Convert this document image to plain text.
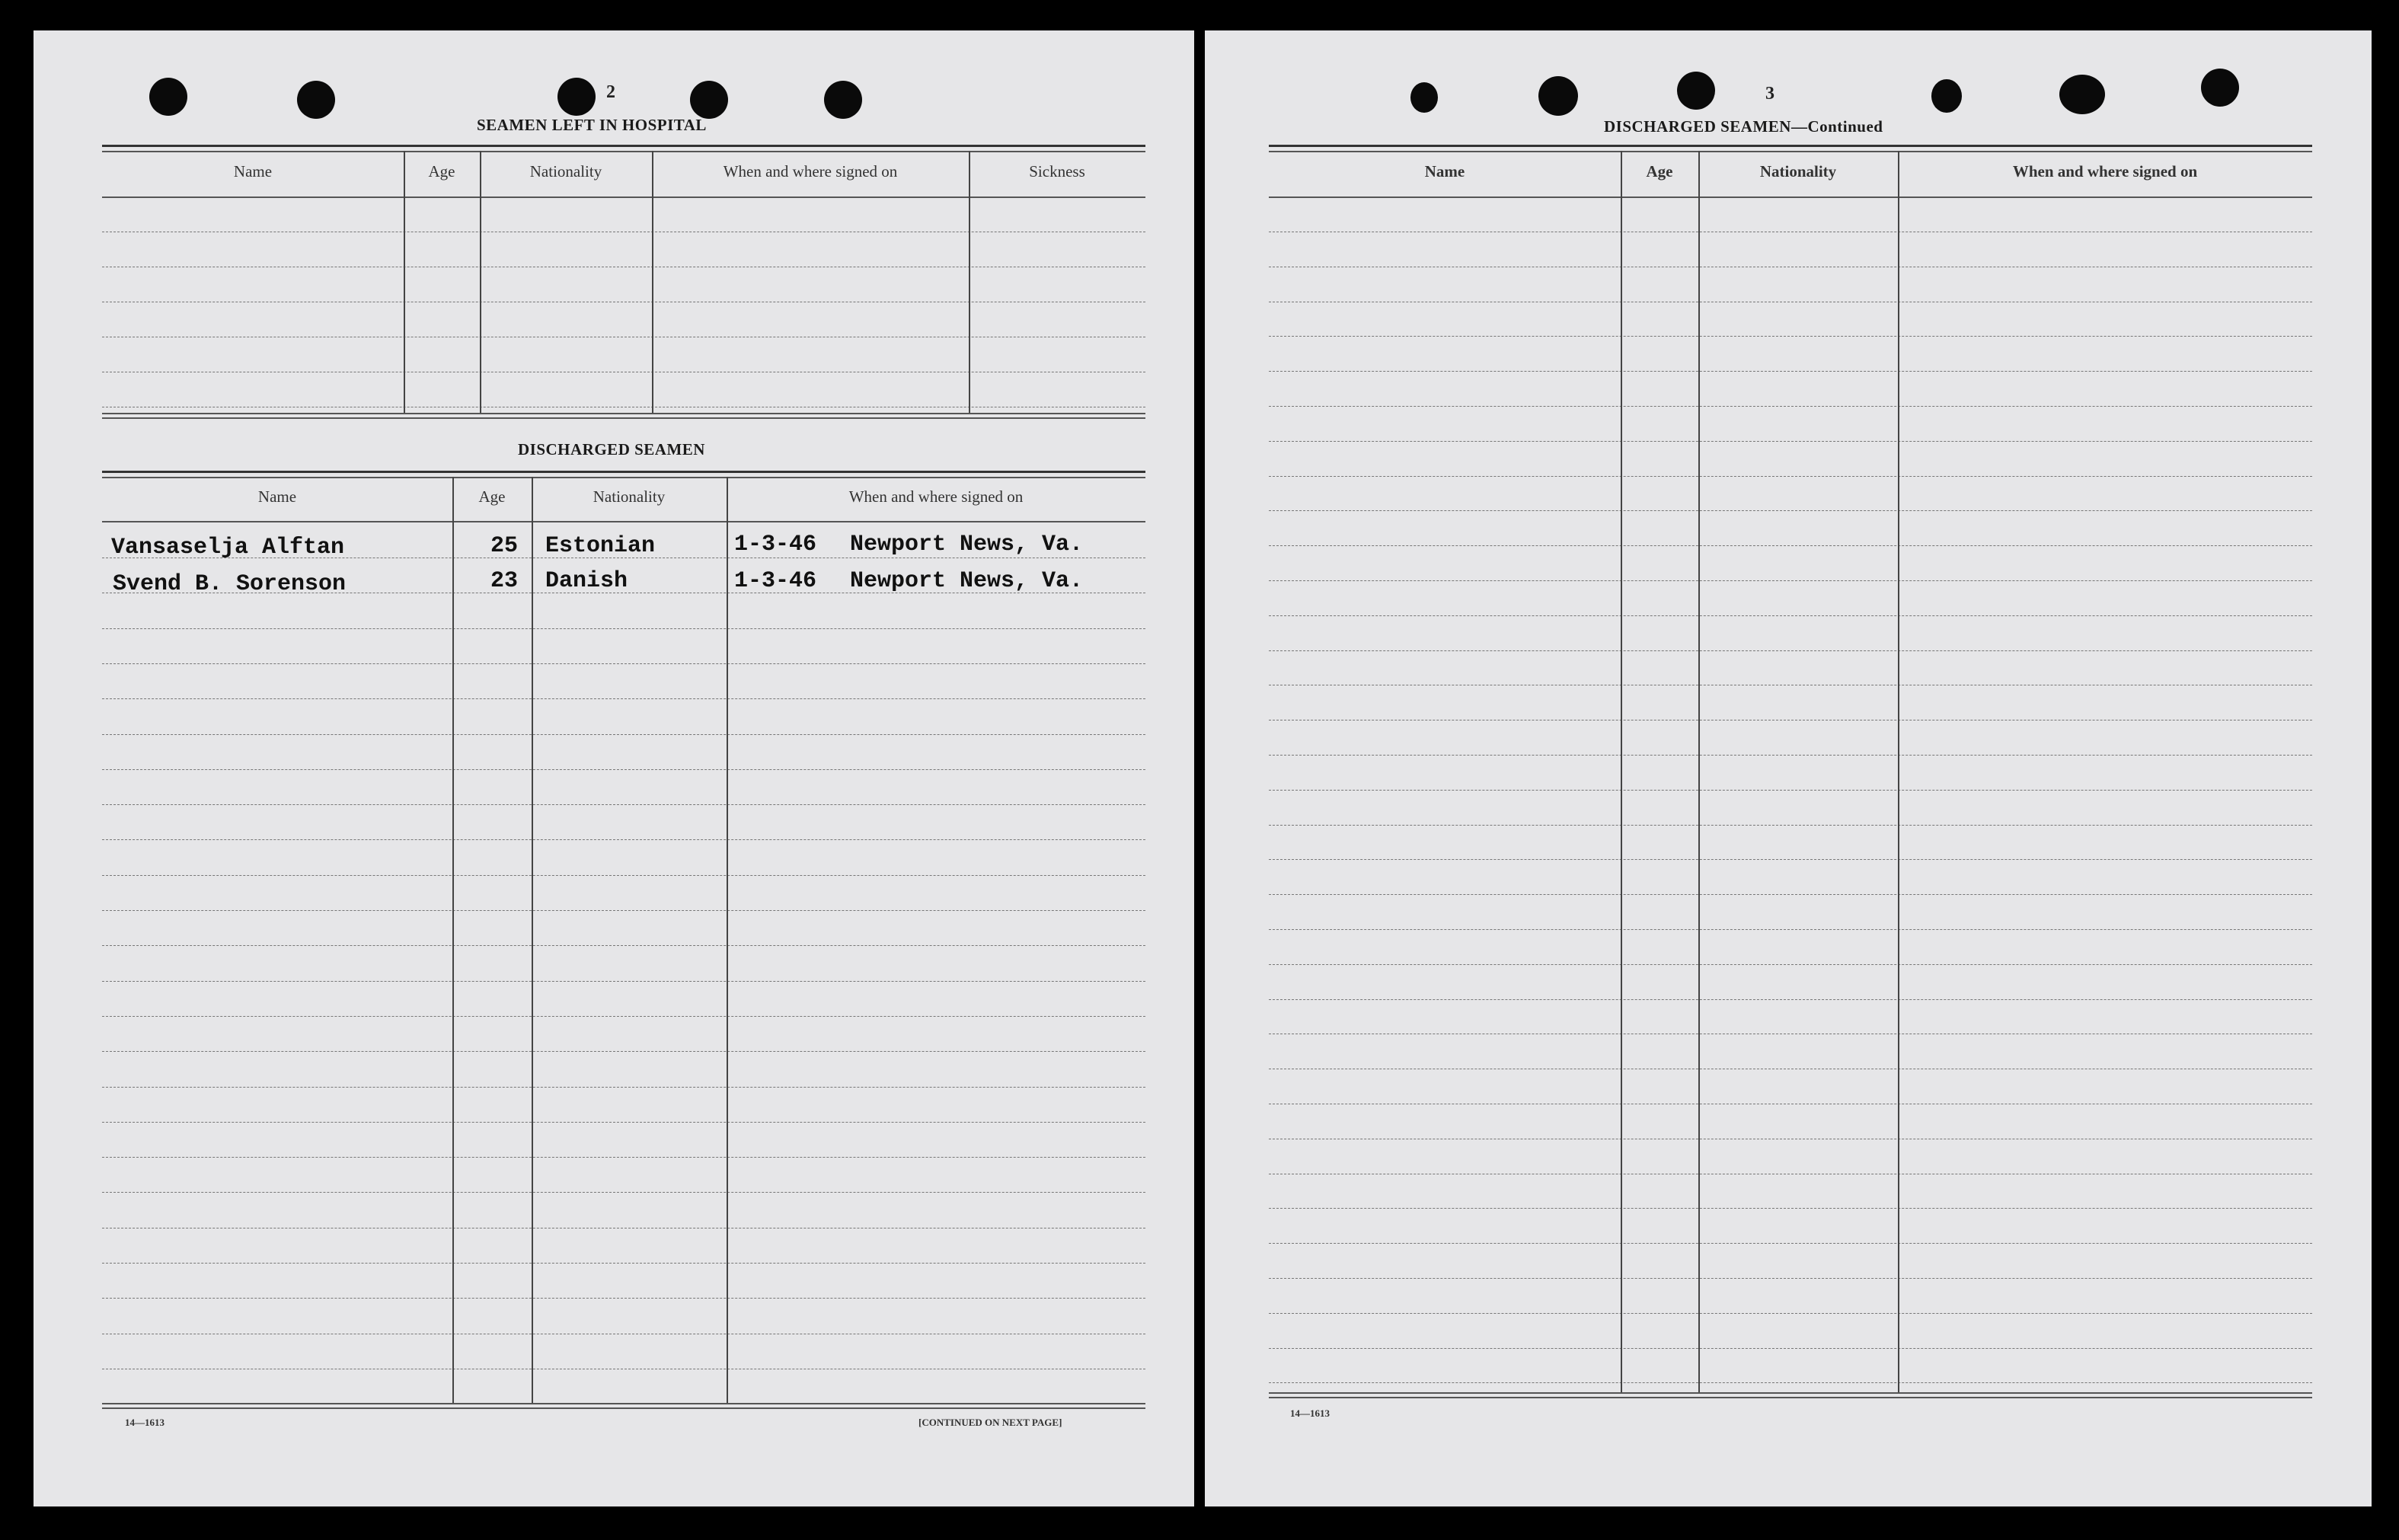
2
SEAMEN LEFT IN HOSPITAL
Name	Age	Nationality	When and where signed on	Sickness
DISCHARGED SEAMEN
Name	Age	Nationality	When and where signed on
Vansaselja Alftan	25 Estonian	1-3-46 Newport News, Va.
Svend B. Sorenson	23 Danish	1-3-46 Newport News, Va.
14—1613	[CONTINUED ON NEXT PAGE]
3
DISCHARGED SEAMEN—Continued
Name	Age	Nationality	When and where signed on
14—1613
